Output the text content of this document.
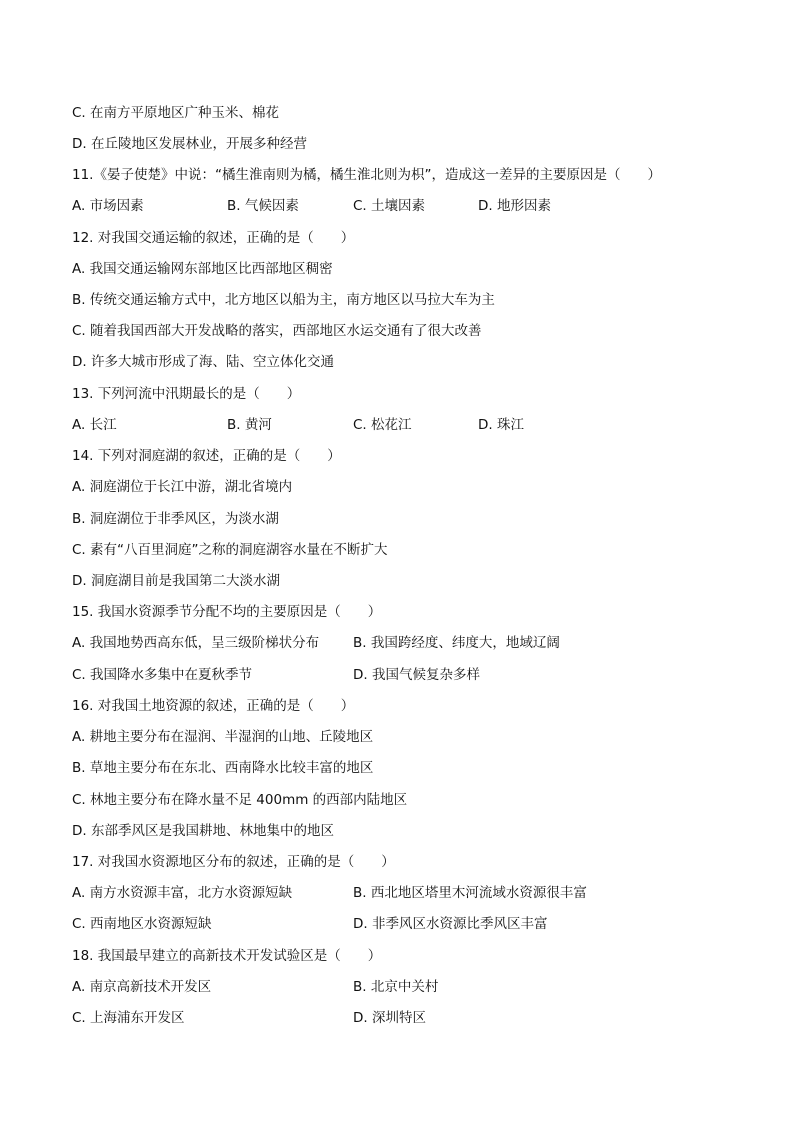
C. 在南方平原地区广种玉米、棉花
D. 在丘陵地区发展林业，开展多种经营
11.《晏子使楚》中说：“橘生淮南则为橘，橘生淮北则为枳”，造成这一差异的主要原因是（　　）
A. 市场因素	B. 气候因素	C. 土壤因素	D. 地形因素
12. 对我国交通运输的叙述，正确的是（　　）
A. 我国交通运输网东部地区比西部地区稠密
B. 传统交通运输方式中，北方地区以船为主，南方地区以马拉大车为主
C. 随着我国西部大开发战略的落实，西部地区水运交通有了很大改善
D. 许多大城市形成了海、陆、空立体化交通
13. 下列河流中汛期最长的是（　　）
A. 长江	B. 黄河	C. 松花江	D. 珠江
14. 下列对洞庭湖的叙述，正确的是（　　）
A. 洞庭湖位于长江中游，湖北省境内
B. 洞庭湖位于非季风区，为淡水湖
C. 素有“八百里洞庭”之称的洞庭湖容水量在不断扩大
D. 洞庭湖目前是我国第二大淡水湖
15. 我国水资源季节分配不均的主要原因是（　　）
A. 我国地势西高东低，呈三级阶梯状分布	B. 我国跨经度、纬度大，地域辽阔
C. 我国降水多集中在夏秋季节	D. 我国气候复杂多样
16. 对我国土地资源的叙述，正确的是（　　）
A. 耕地主要分布在湿润、半湿润的山地、丘陵地区
B. 草地主要分布在东北、西南降水比较丰富的地区
C. 林地主要分布在降水量不足 400mm 的西部内陆地区
D. 东部季风区是我国耕地、林地集中的地区
17. 对我国水资源地区分布的叙述，正确的是（　　）
A. 南方水资源丰富，北方水资源短缺	B. 西北地区塔里木河流域水资源很丰富
C. 西南地区水资源短缺	D. 非季风区水资源比季风区丰富
18. 我国最早建立的高新技术开发试验区是（　　）
A. 南京高新技术开发区	B. 北京中关村
C. 上海浦东开发区	D. 深圳特区
